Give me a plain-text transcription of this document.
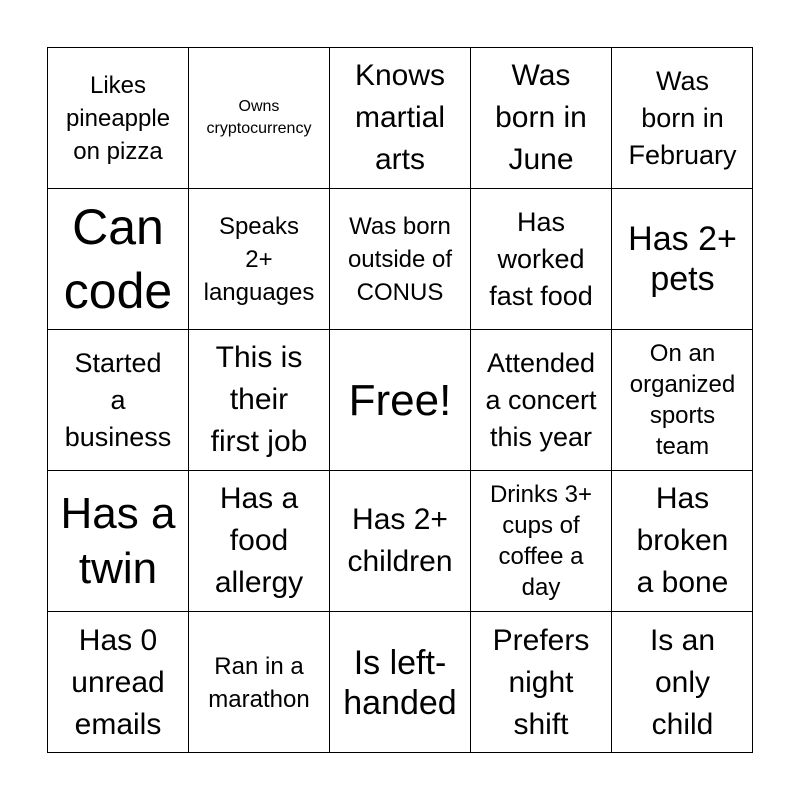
Likes
pineapple
on pizza
Owns
cryptocurrency
Knows
martial
arts
Was
born in
June
Was
born in
February
Can
code
Speaks
2+
languages
Was born
outside of
CONUS
Has
worked
fast food
Has 2+
pets
Started
a
business
This is
their
first job
Free!
Attended
a concert
this year
On an
organized
sports
team
Has a
twin
Has a
food
allergy
Has 2+
children
Drinks 3+
cups of
coffee a
day
Has
broken
a bone
Has 0
unread
emails
Ran in a
marathon
Is left-
handed
Prefers
night
shift
Is an
only
child
